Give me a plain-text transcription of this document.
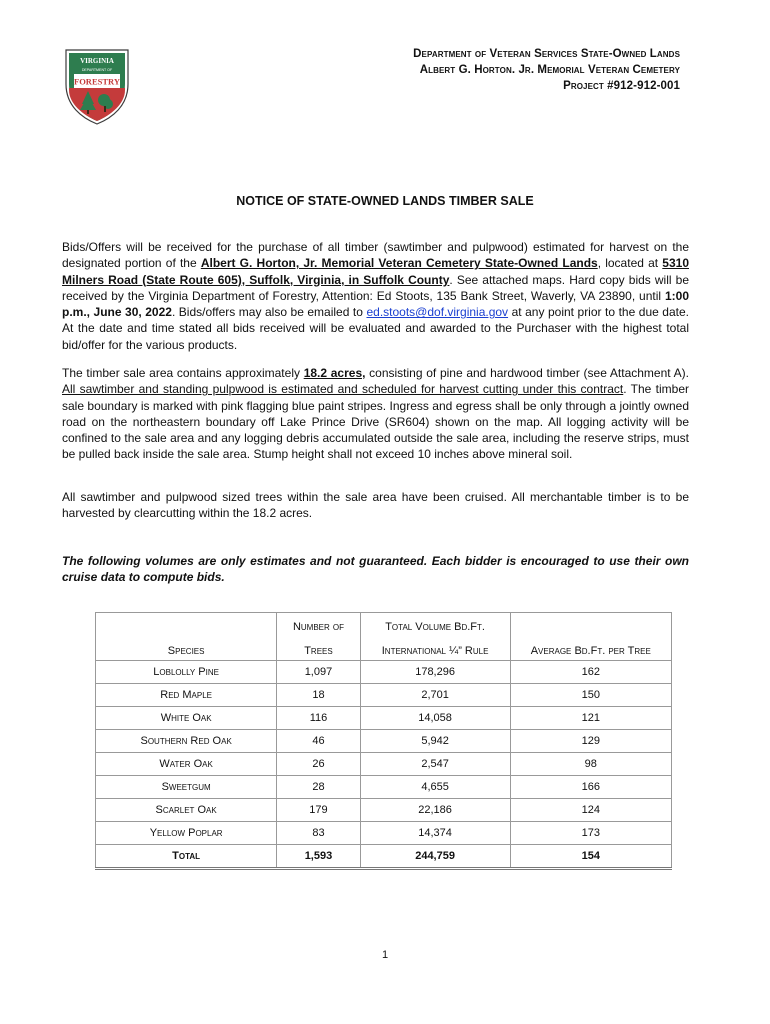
VIRGINIA
DEPARTMENT OF
FORESTRY
Department of Veteran Services State-Owned Lands
Albert G. Horton. Jr. Memorial Veteran Cemetery
Project #912-912-001
NOTICE OF STATE-OWNED LANDS TIMBER SALE

Bids/Offers will be received for the purchase of all timber (sawtimber and pulpwood) estimated for harvest on the designated portion of the Albert G. Horton, Jr. Memorial Veteran Cemetery State-Owned Lands, located at 5310 Milners Road (State Route 605), Suffolk, Virginia, in Suffolk County. See attached maps. Hard copy bids will be received by the Virginia Department of Forestry, Attention: Ed Stoots, 135 Bank Street, Waverly, VA 23890, until 1:00 p.m., June 30, 2022. Bids/offers may also be emailed to ed.stoots@dof.virginia.gov at any point prior to the due date. At the date and time stated all bids received will be evaluated and awarded to the Purchaser with the highest total bid/offer for the various products.

The timber sale area contains approximately 18.2 acres, consisting of pine and hardwood timber (see Attachment A). All sawtimber and standing pulpwood is estimated and scheduled for harvest cutting under this contract. The timber sale boundary is marked with pink flagging blue paint stripes. Ingress and egress shall be only through a jointly owned road on the northeastern boundary off Lake Prince Drive (SR604) shown on the map. All logging activity will be confined to the sale area and any logging debris accumulated outside the sale area, including the reserve strips, must be pulled back inside the sale area. Stump height shall not exceed 10 inches above mineral soil.

All sawtimber and pulpwood sized trees within the sale area have been cruised. All merchantable timber is to be harvested by clearcutting within the 18.2 acres.

The following volumes are only estimates and not guaranteed. Each bidder is encouraged to use their own cruise data to compute bids.

	Number of	Total Volume Bd.Ft.	
Species	Trees	International ¼” Rule	Average Bd.Ft. per Tree
Loblolly Pine	1,097	178,296	162
Red Maple	18	2,701	150
White Oak	116	14,058	121
Southern Red Oak	46	5,942	129
Water Oak	26	2,547	98
Sweetgum	28	4,655	166
Scarlet Oak	179	22,186	124
Yellow Poplar	83	14,374	173
Total	1,593	244,759	154
1
